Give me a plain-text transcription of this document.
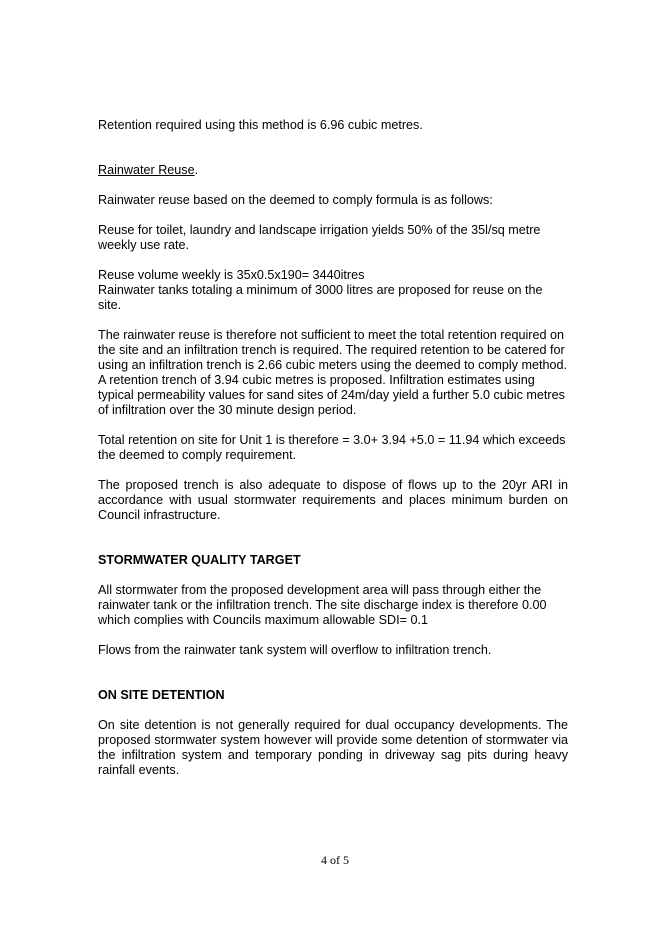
Retention required using this method is 6.96 cubic metres.

Rainwater Reuse.

Rainwater reuse based on the deemed to comply formula is as follows:

Reuse for toilet, laundry and landscape irrigation yields 50% of the 35l/sq metre weekly use rate.

Reuse volume weekly is 35x0.5x190= 3440itres

Rainwater tanks totaling a minimum of 3000 litres are proposed for reuse on the site.

The rainwater reuse is therefore not sufficient to meet the total retention required on the site and an infiltration trench is required. The required retention to be catered for using an infiltration trench is 2.66 cubic meters using the deemed to comply method. A retention trench of 3.94 cubic metres is proposed. Infiltration estimates using typical permeability values for sand sites of 24m/day yield a further 5.0 cubic metres of infiltration over the 30 minute design period.

Total retention on site for Unit 1 is therefore = 3.0+ 3.94 +5.0 = 11.94 which exceeds the deemed to comply requirement.

The proposed trench is also adequate to dispose of flows up to the 20yr ARI in accordance with usual stormwater requirements and places minimum burden on Council infrastructure.

STORMWATER QUALITY TARGET

All stormwater from the proposed development area will pass through either the rainwater tank or the infiltration trench. The site discharge index is therefore 0.00 which complies with Councils maximum allowable SDI= 0.1

Flows from the rainwater tank system will overflow to infiltration trench.

ON SITE DETENTION

On site detention is not generally required for dual occupancy developments. The proposed stormwater system however will provide some detention of stormwater via the infiltration system and temporary ponding in driveway sag pits during heavy rainfall events.

4 of 5
